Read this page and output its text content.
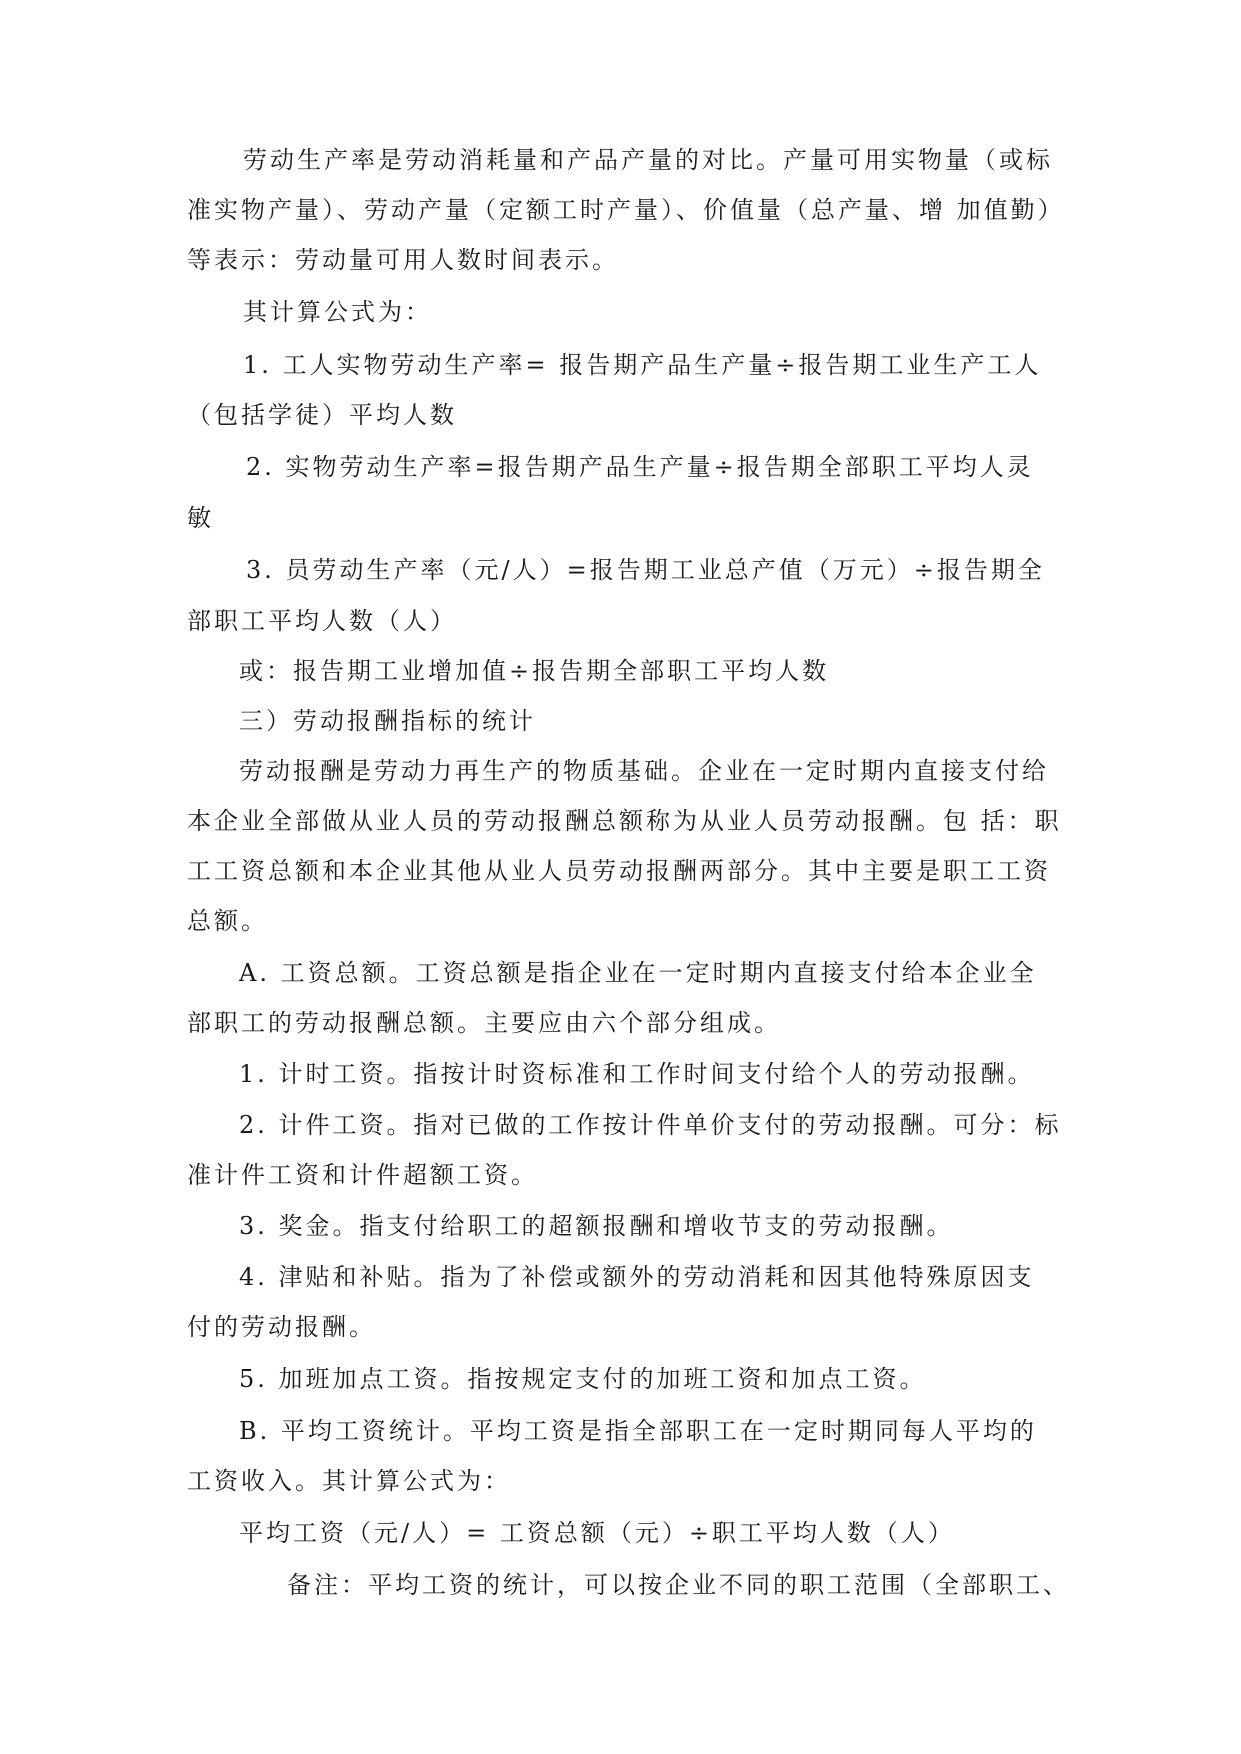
劳动生产率是劳动消耗量和产品产量的对比。产量可用实物量（或标
准实物产量）、劳动产量（定额工时产量）、价值量（总产量、增 加值勤）
等表示：劳动量可用人数时间表示。
其计算公式为：
1. 工人实物劳动生产率= 报告期产品生产量÷报告期工业生产工人
（包括学徒）平均人数
2. 实物劳动生产率=报告期产品生产量÷报告期全部职工平均人灵
敏
3. 员劳动生产率（元/人）=报告期工业总产值（万元）÷报告期全
部职工平均人数（人）
或：报告期工业增加值÷报告期全部职工平均人数
三）劳动报酬指标的统计
劳动报酬是劳动力再生产的物质基础。企业在一定时期内直接支付给
本企业全部做从业人员的劳动报酬总额称为从业人员劳动报酬。包 括：职
工工资总额和本企业其他从业人员劳动报酬两部分。其中主要是职工工资
总额。
A. 工资总额。工资总额是指企业在一定时期内直接支付给本企业全
部职工的劳动报酬总额。主要应由六个部分组成。
1. 计时工资。指按计时资标准和工作时间支付给个人的劳动报酬。
2. 计件工资。指对已做的工作按计件单价支付的劳动报酬。可分：标
准计件工资和计件超额工资。
3. 奖金。指支付给职工的超额报酬和增收节支的劳动报酬。
4. 津贴和补贴。指为了补偿或额外的劳动消耗和因其他特殊原因支
付的劳动报酬。
5. 加班加点工资。指按规定支付的加班工资和加点工资。
B. 平均工资统计。平均工资是指全部职工在一定时期同每人平均的
工资收入。其计算公式为：
平均工资（元/人）= 工资总额（元）÷职工平均人数（人）
备注：平均工资的统计，可以按企业不同的职工范围（全部职工、
